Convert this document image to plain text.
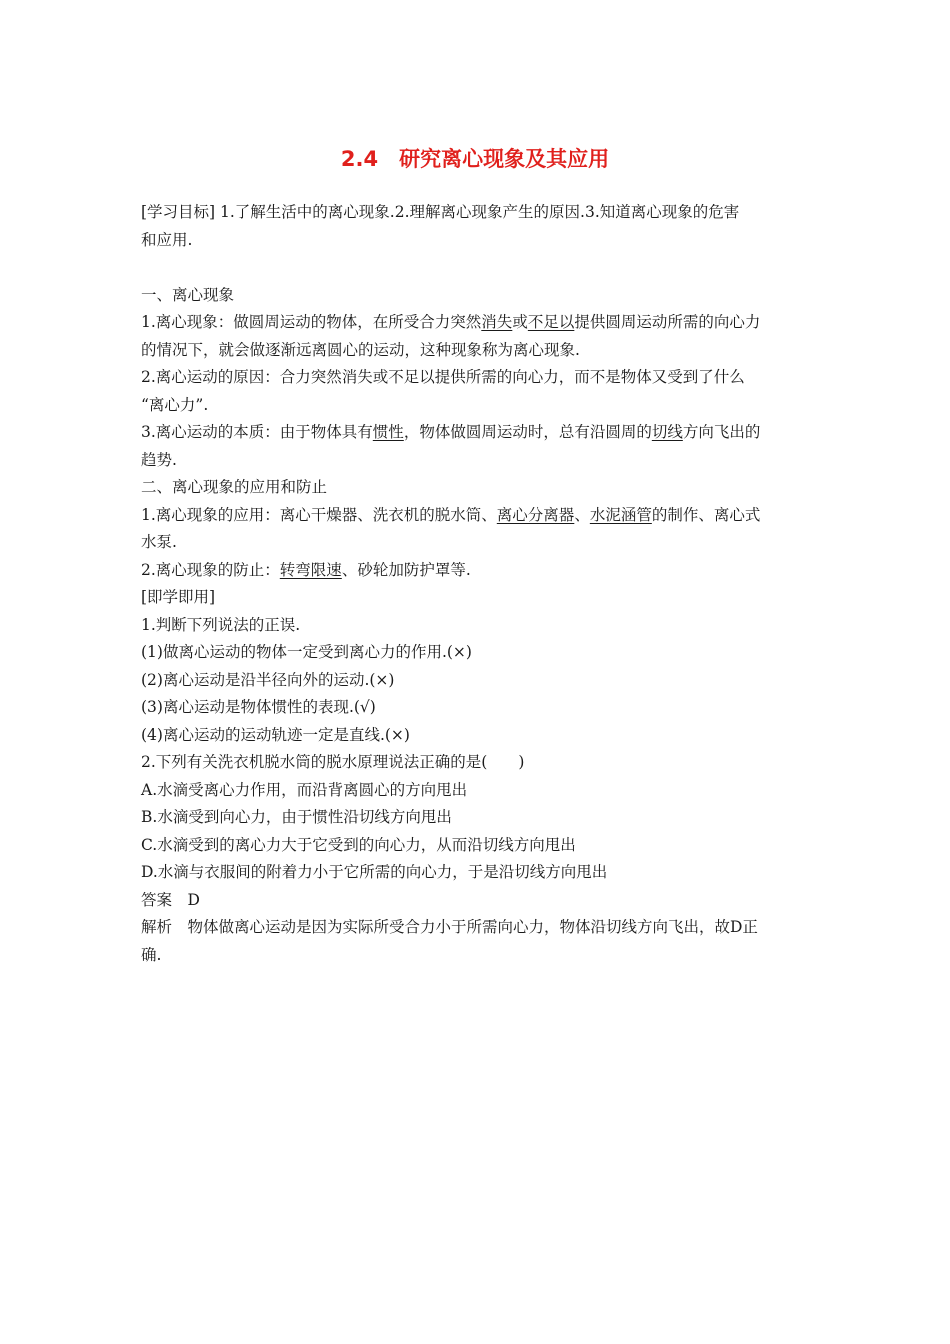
2.4　研究离心现象及其应用
[学习目标] 1.了解生活中的离心现象.2.理解离心现象产生的原因.3.知道离心现象的危害
和应用.
一、离心现象
1.离心现象：做圆周运动的物体，在所受合力突然消失或不足以提供圆周运动所需的向心力
的情况下，就会做逐渐远离圆心的运动，这种现象称为离心现象.
2.离心运动的原因：合力突然消失或不足以提供所需的向心力，而不是物体又受到了什么
“离心力”.
3.离心运动的本质：由于物体具有惯性，物体做圆周运动时，总有沿圆周的切线方向飞出的
趋势.
二、离心现象的应用和防止
1.离心现象的应用：离心干燥器、洗衣机的脱水筒、离心分离器、水泥涵管的制作、离心式
水泵.
2.离心现象的防止：转弯限速、砂轮加防护罩等.
[即学即用]
1.判断下列说法的正误.
(1)做离心运动的物体一定受到离心力的作用.(×)
(2)离心运动是沿半径向外的运动.(×)
(3)离心运动是物体惯性的表现.(√)
(4)离心运动的运动轨迹一定是直线.(×)
2.下列有关洗衣机脱水筒的脱水原理说法正确的是(　　)
A.水滴受离心力作用，而沿背离圆心的方向甩出
B.水滴受到向心力，由于惯性沿切线方向甩出
C.水滴受到的离心力大于它受到的向心力，从而沿切线方向甩出
D.水滴与衣服间的附着力小于它所需的向心力，于是沿切线方向甩出
答案　D
解析　物体做离心运动是因为实际所受合力小于所需向心力，物体沿切线方向飞出，故D正
确.
